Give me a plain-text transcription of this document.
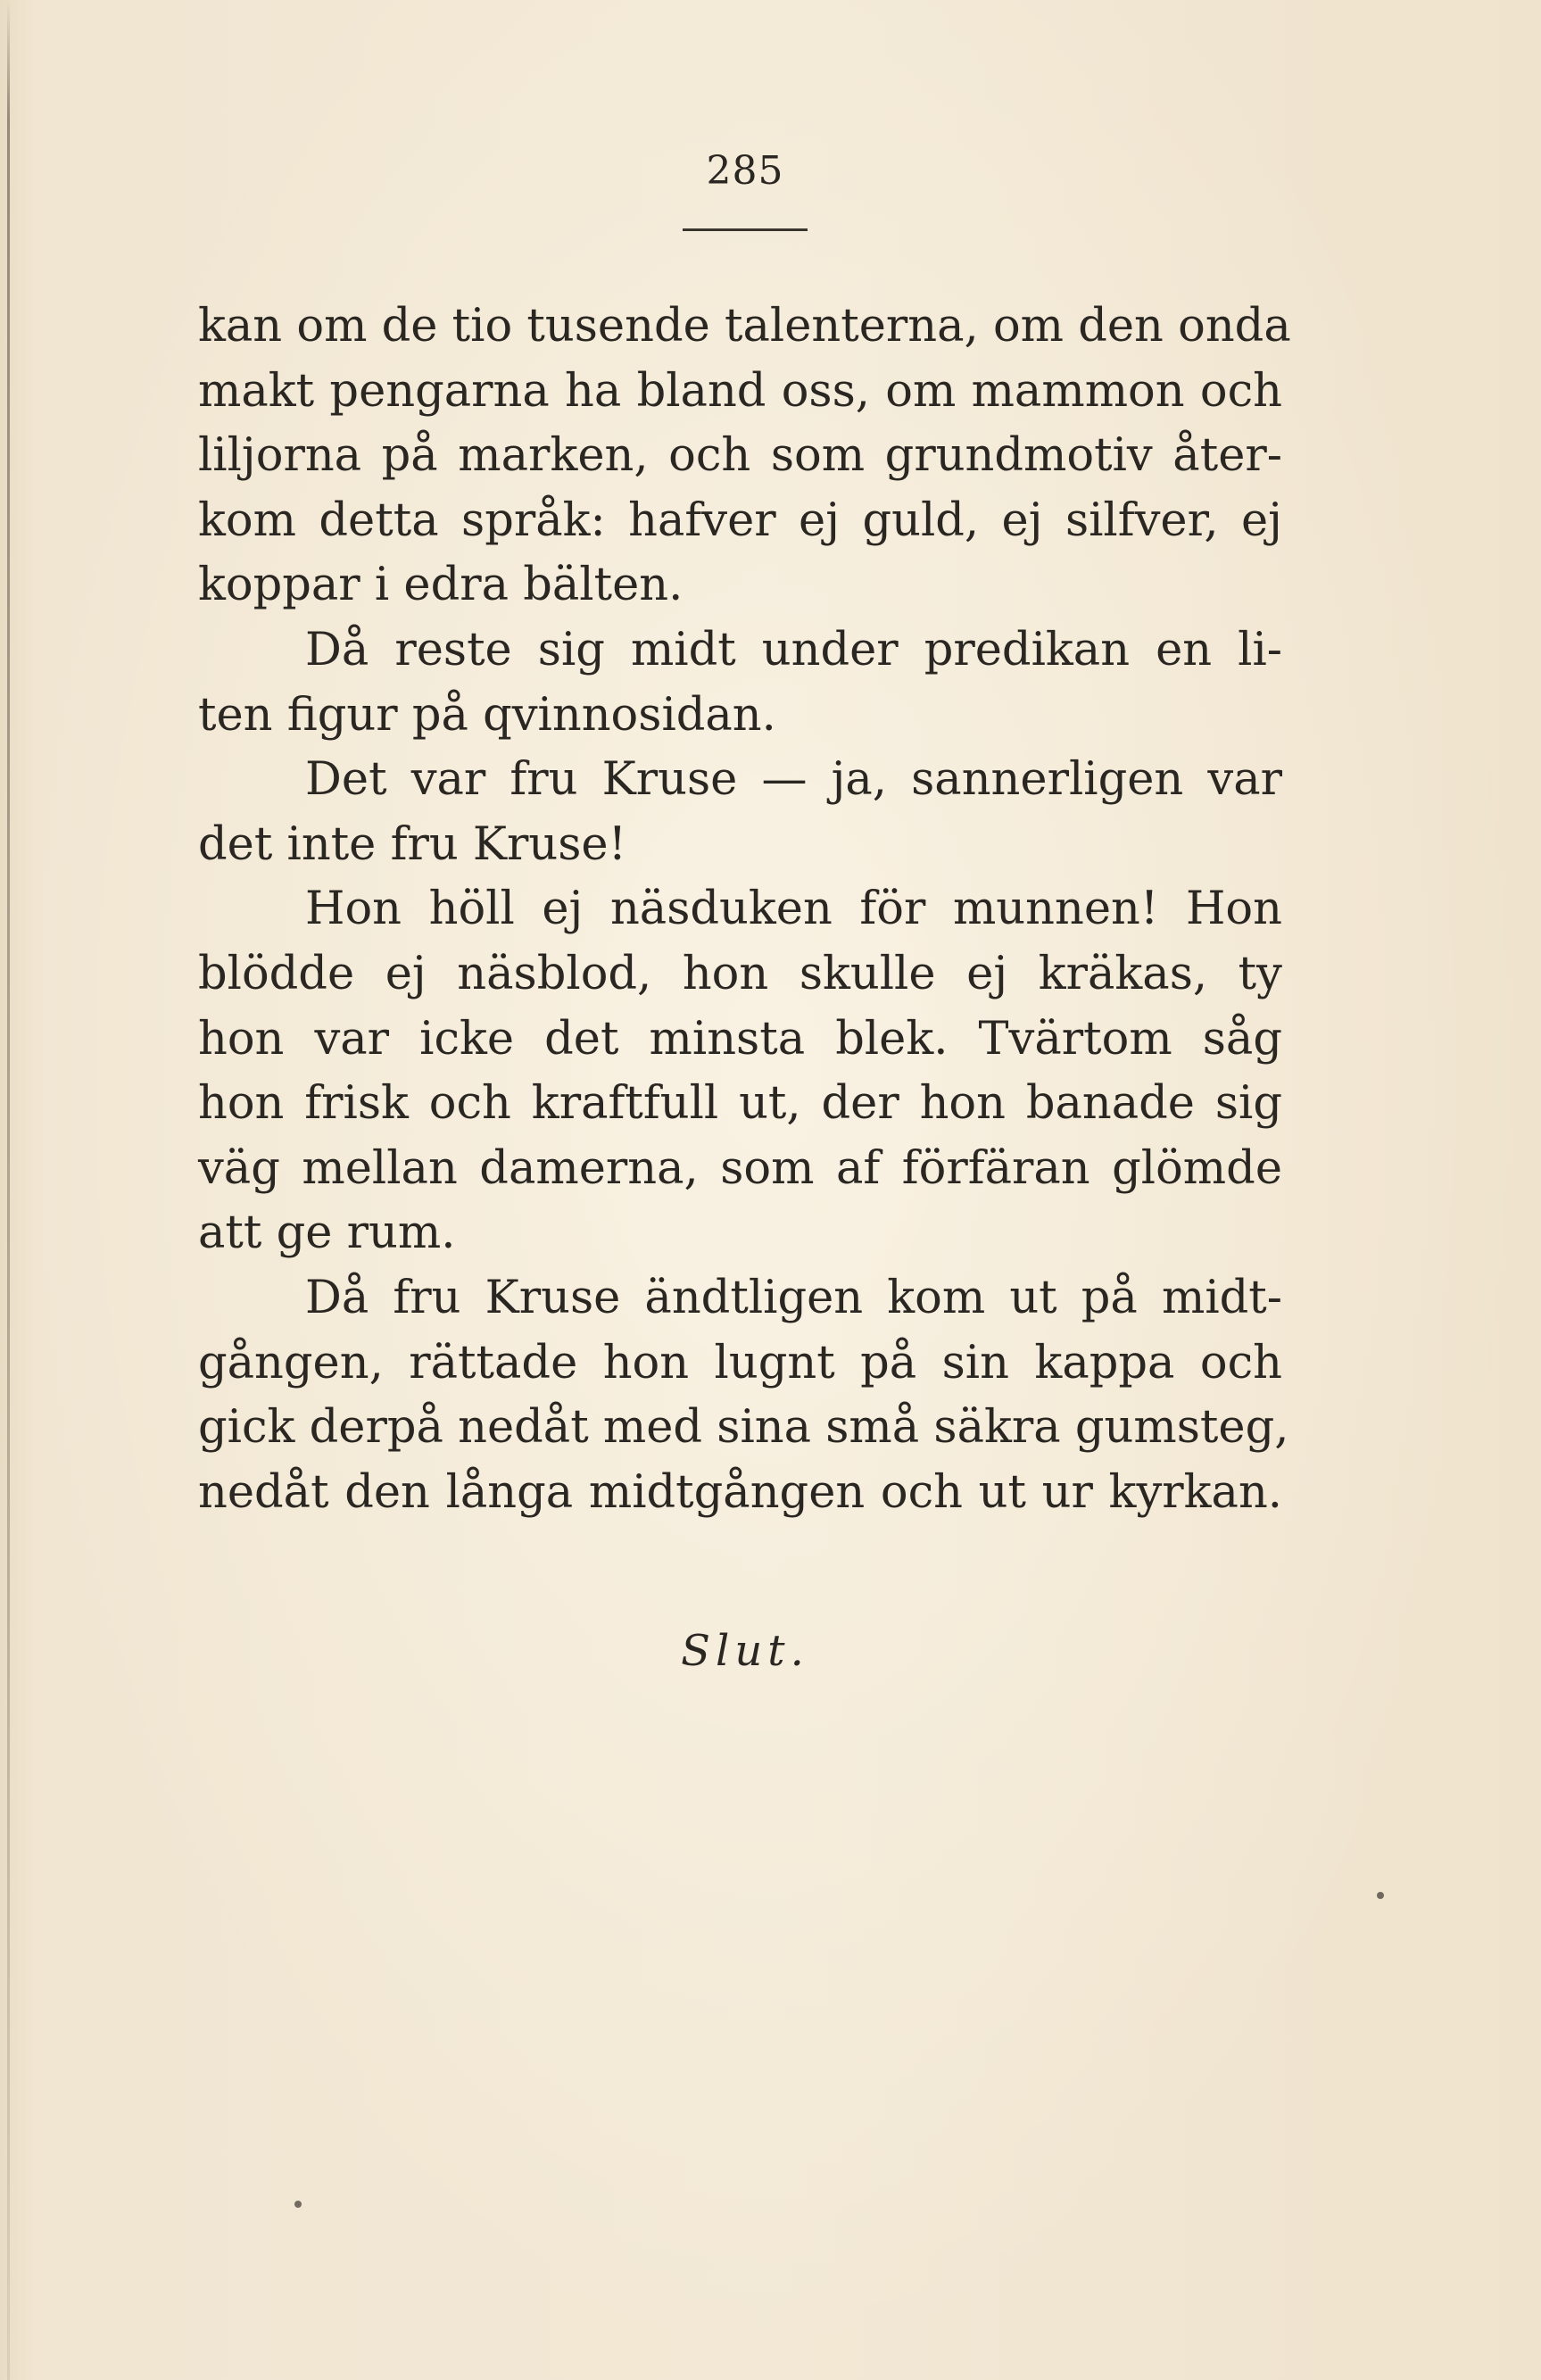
285
kan om de tio tusende talenterna, om den onda
makt pengarna ha bland oss, om mammon och
liljorna på marken, och som grundmotiv åter-
kom detta språk: hafver ej guld, ej silfver, ej
koppar i edra bälten.
Då reste sig midt under predikan en li-
ten figur på qvinnosidan.
Det var fru Kruse — ja, sannerligen var
det inte fru Kruse!
Hon höll ej näsduken för munnen! Hon
blödde ej näsblod, hon skulle ej kräkas, ty
hon var icke det minsta blek. Tvärtom såg
hon frisk och kraftfull ut, der hon banade sig
väg mellan damerna, som af förfäran glömde
att ge rum.
Då fru Kruse ändtligen kom ut på midt-
gången, rättade hon lugnt på sin kappa och
gick derpå nedåt med sina små säkra gumsteg,
nedåt den långa midtgången och ut ur kyrkan.
Slut.
